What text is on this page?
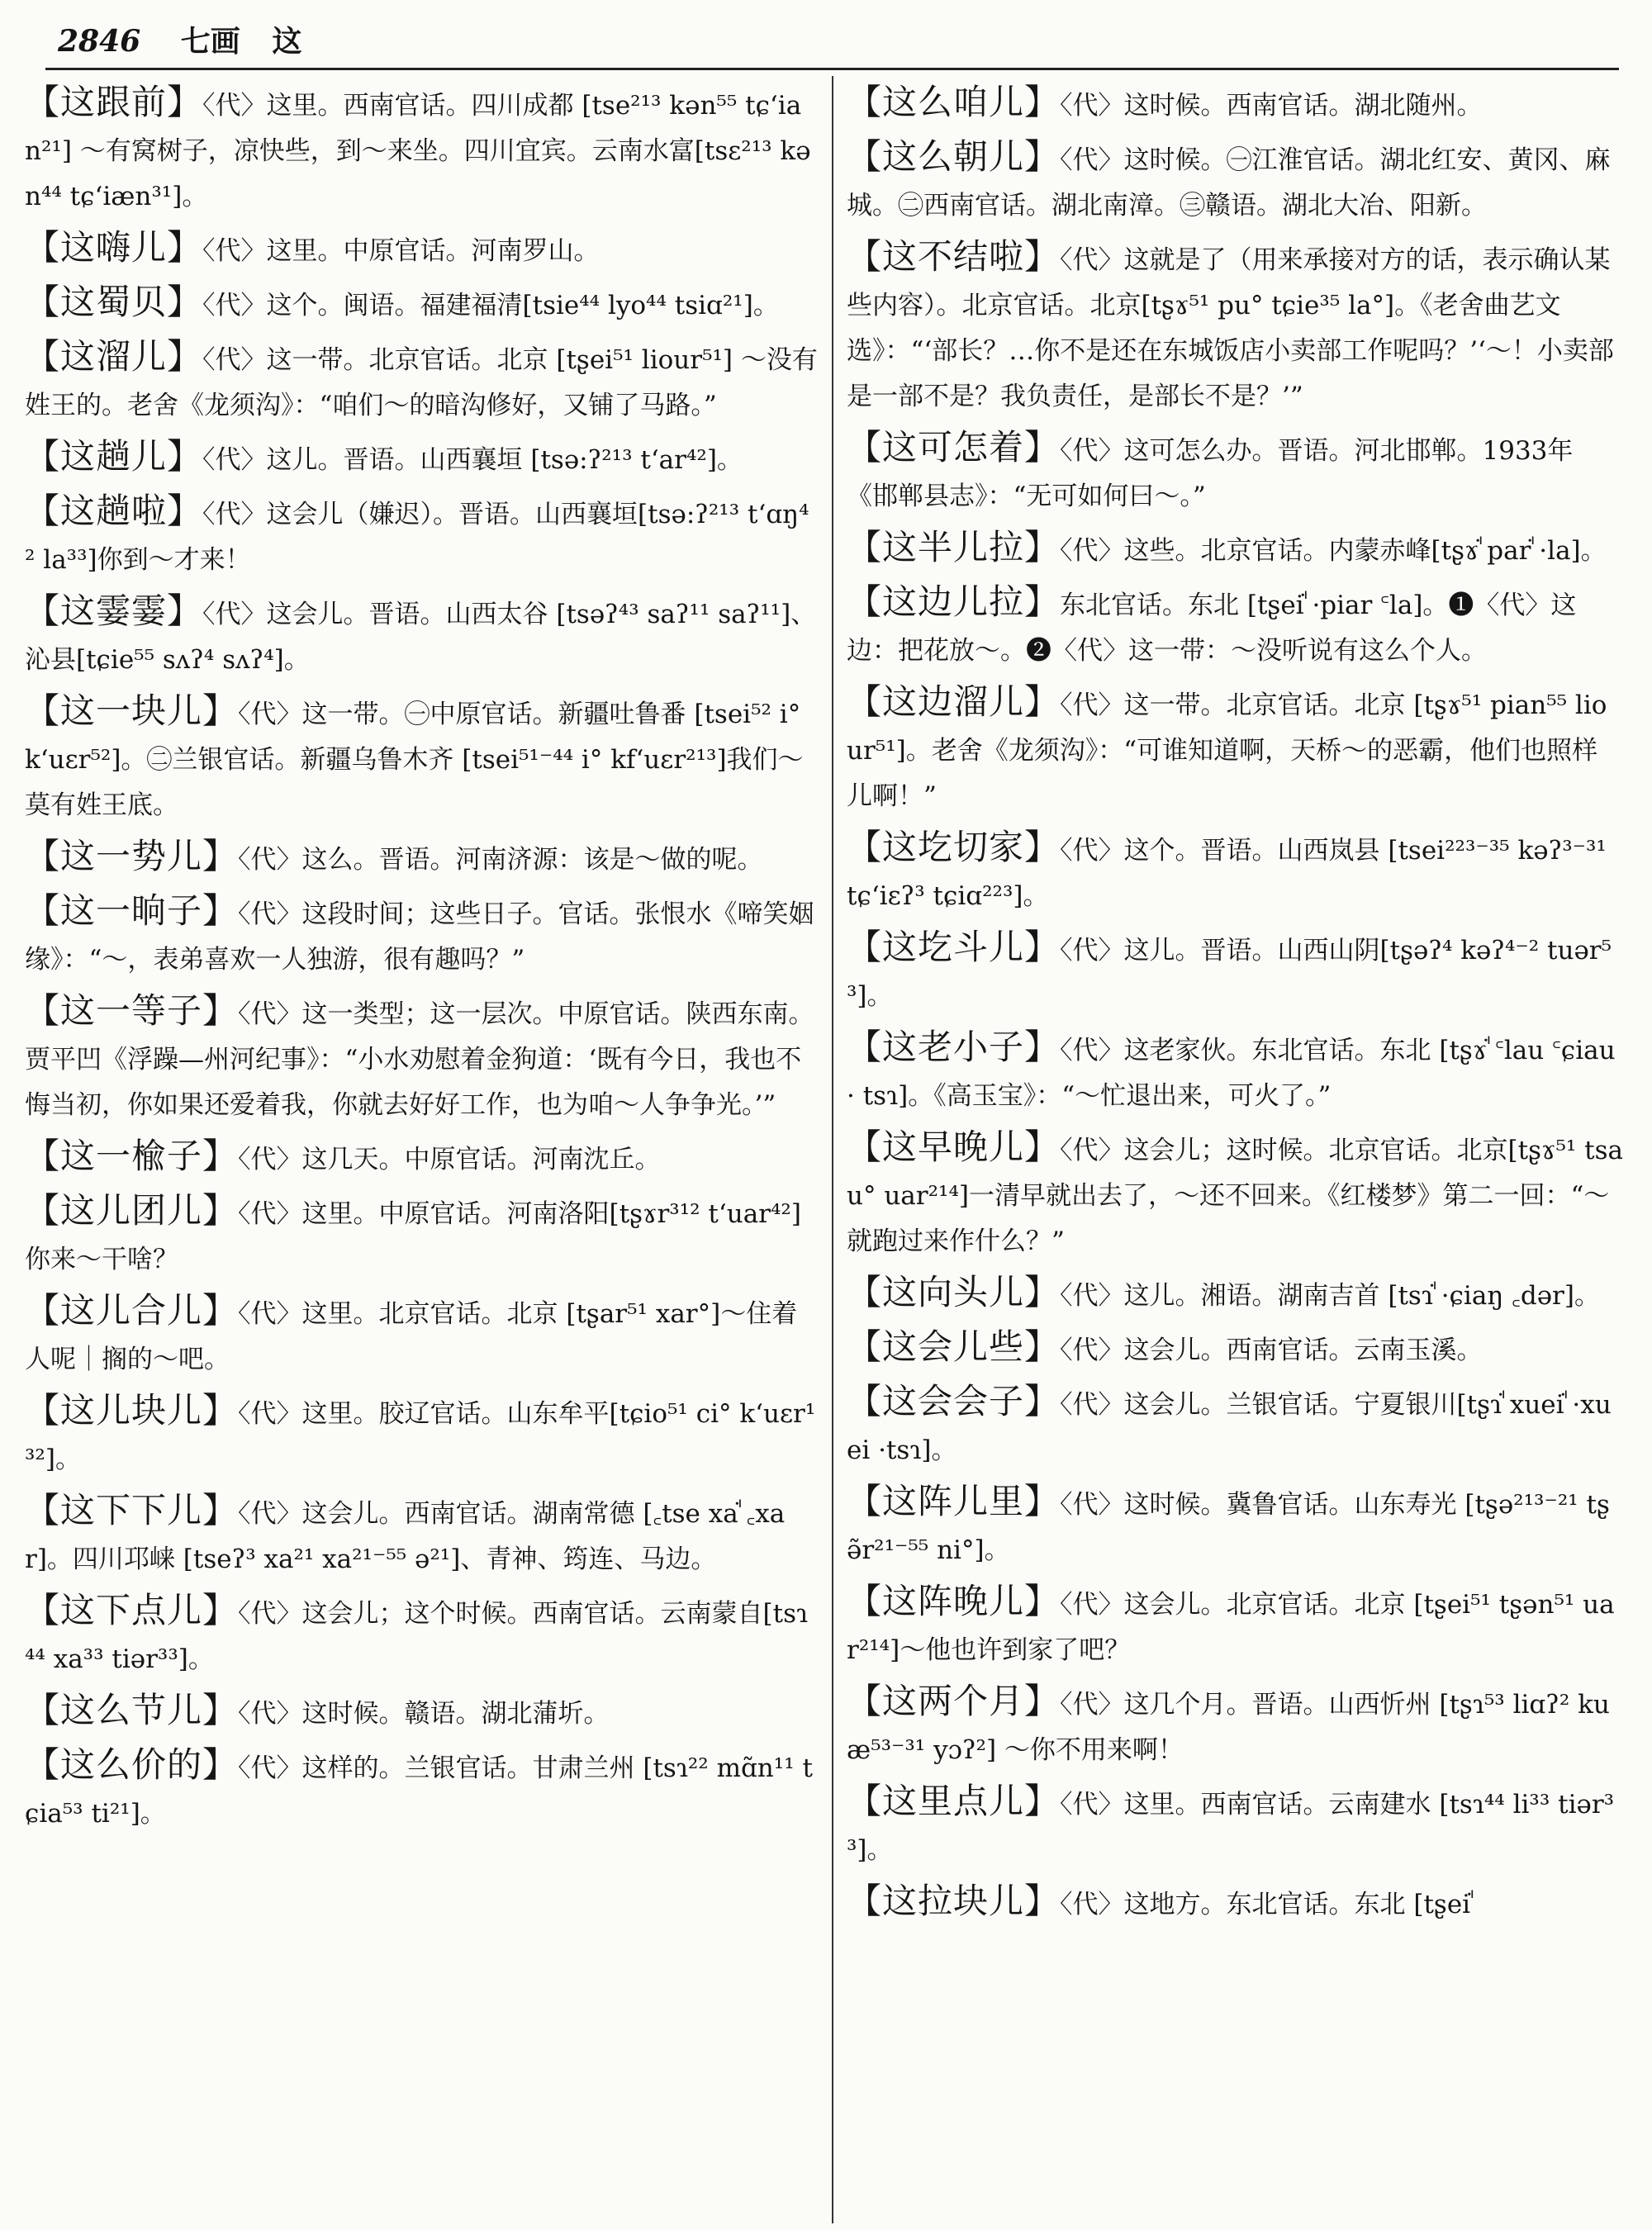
2846 七画 这
【这跟前】〈代〉这里。西南官话。四川成都 [tse²¹³ kən⁵⁵ tɕʻian²¹] ～有窝树子，凉快些，到～来坐。四川宜宾。云南水富[tsɛ²¹³ kən⁴⁴ tɕʻiæn³¹]。
【这嗨儿】〈代〉这里。中原官话。河南罗山。
【这蜀贝】〈代〉这个。闽语。福建福清[tsie⁴⁴ lyo⁴⁴ tsiɑ²¹]。
【这溜儿】〈代〉这一带。北京官话。北京 [tʂei⁵¹ liour⁵¹] ～没有姓王的。老舍《龙须沟》：“咱们～的暗沟修好，又铺了马路。”
【这趟儿】〈代〉这儿。晋语。山西襄垣 [tsə:ʔ²¹³ tʻar⁴²]。
【这趟啦】〈代〉这会儿（嫌迟）。晋语。山西襄垣[tsə:ʔ²¹³ tʻɑŋ⁴² la³³]你到～才来！
【这霎霎】〈代〉这会儿。晋语。山西太谷 [tsəʔ⁴³ saʔ¹¹ saʔ¹¹]、沁县[tɕie⁵⁵ sʌʔ⁴ sʌʔ⁴]。
【这一块儿】〈代〉这一带。㊀中原官话。新疆吐鲁番 [tsei⁵² i° kʻuɛr⁵²]。㊁兰银官话。新疆乌鲁木齐 [tsei⁵¹⁻⁴⁴ i° kfʻuɛr²¹³]我们～莫有姓王底。
【这一势儿】〈代〉这么。晋语。河南济源：该是～做的呢。
【这一晌子】〈代〉这段时间；这些日子。官话。张恨水《啼笑姻缘》：“～，表弟喜欢一人独游，很有趣吗？”
【这一等子】〈代〉这一类型；这一层次。中原官话。陕西东南。贾平凹《浮躁—州河纪事》：“小水劝慰着金狗道：‘既有今日，我也不悔当初，你如果还爱着我，你就去好好工作，也为咱～人争争光。’”
【这一楡子】〈代〉这几天。中原官话。河南沈丘。
【这儿团儿】〈代〉这里。中原官话。河南洛阳[tʂɤr³¹² tʻuar⁴²] 你来～干啥？
【这儿合儿】〈代〉这里。北京官话。北京 [tʂar⁵¹ xar°]～住着人呢｜搁的～吧。
【这儿块儿】〈代〉这里。胶辽官话。山东牟平[tɕio⁵¹ ci° kʻuɛr¹³²]。
【这下下儿】〈代〉这会儿。西南官话。湖南常德 [꜀tse xaꜗ ꜀xar]。四川邛崃 [tseʔ³ xa²¹ xa²¹⁻⁵⁵ ə²¹]、青神、筠连、马边。
【这下点儿】〈代〉这会儿；这个时候。西南官话。云南蒙自[tsɿ⁴⁴ xa³³ tiər³³]。
【这么节儿】〈代〉这时候。赣语。湖北蒲圻。
【这么价的】〈代〉这样的。兰银官话。甘肃兰州 [tsɿ²² mɑ̃n¹¹ tɕia⁵³ ti²¹]。
【这么咱儿】〈代〉这时候。西南官话。湖北随州。
【这么朝儿】〈代〉这时候。㊀江淮官话。湖北红安、黄冈、麻城。㊁西南官话。湖北南漳。㊂赣语。湖北大冶、阳新。
【这不结啦】〈代〉这就是了（用来承接对方的话，表示确认某些内容）。北京官话。北京[tʂɤ⁵¹ pu° tɕie³⁵ la°]。《老舍曲艺文选》：“‘部长？…你不是还在东城饭店小卖部工作呢吗？’‘～！小卖部是一部不是？我负责任，是部长不是？’”
【这可怎着】〈代〉这可怎么办。晋语。河北邯郸。1933年《邯郸县志》：“无可如何曰～。”
【这半儿拉】〈代〉这些。北京官话。内蒙赤峰[tʂɤꜗ parꜗ ·la]。
【这边儿拉】东北官话。东北 [tʂeiꜗ ·piar ꜂la]。❶〈代〉这边：把花放～。❷〈代〉这一带：～没听说有这么个人。
【这边溜儿】〈代〉这一带。北京官话。北京 [tʂɤ⁵¹ pian⁵⁵ liour⁵¹]。老舍《龙须沟》：“可谁知道啊，天桥～的恶霸，他们也照样儿啊！”
【这圪切家】〈代〉这个。晋语。山西岚县 [tsei²²³⁻³⁵ kəʔ³⁻³¹ tɕʻiɛʔ³ tɕiɑ²²³]。
【这圪斗儿】〈代〉这儿。晋语。山西山阴[tʂəʔ⁴ kəʔ⁴⁻² tuər⁵³]。
【这老小子】〈代〉这老家伙。东北官话。东北 [tʂɤꜗ ꜂lau ꜂ɕiau · tsɿ]。《高玉宝》：“～忙退出来，可火了。”
【这早晚儿】〈代〉这会儿；这时候。北京官话。北京[tʂɤ⁵¹ tsau° uar²¹⁴]一清早就出去了，～还不回来。《红楼梦》第二一回：“～就跑过来作什么？”
【这向头儿】〈代〉这儿。湘语。湖南吉首 [tsɿꜗ ·ɕiaŋ ꜀dər]。
【这会儿些】〈代〉这会儿。西南官话。云南玉溪。
【这会会子】〈代〉这会儿。兰银官话。宁夏银川[tʂɿꜗ xueiꜗ ·xuei ·tsɿ]。
【这阵儿里】〈代〉这时候。冀鲁官话。山东寿光 [tʂə²¹³⁻²¹ tʂə̃r²¹⁻⁵⁵ ni°]。
【这阵晚儿】〈代〉这会儿。北京官话。北京 [tʂei⁵¹ tʂən⁵¹ uar²¹⁴]～他也许到家了吧？
【这两个月】〈代〉这几个月。晋语。山西忻州 [tʂɿ⁵³ liɑʔ² kuæ⁵³⁻³¹ yɔʔ²] ～你不用来啊！
【这里点儿】〈代〉这里。西南官话。云南建水 [tsɿ⁴⁴ li³³ tiər³³]。
【这拉块儿】〈代〉这地方。东北官话。东北 [tʂeiꜗ
